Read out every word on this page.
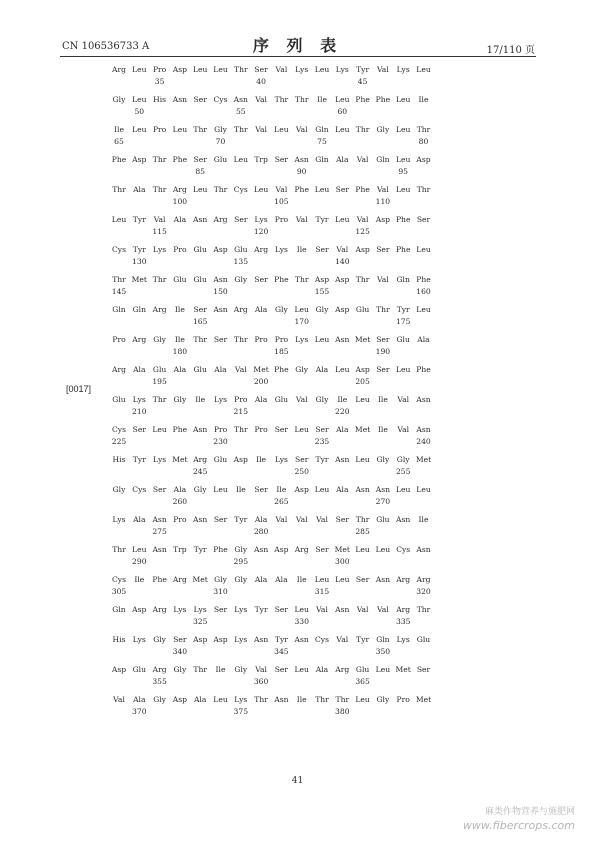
CN 106536733 A	序 列 表	17/110 页
[0017]
Arg Leu Pro Asp Leu Leu Thr Ser	Val	Lys Leu Lys Tyr	Val	Lys Leu
35	40	45
Gly Leu His Asn Ser Cys Asn Val	Thr Thr	Ile	Leu Phe Phe Leu	Ile
50	55	60
Ile	Leu Pro Leu Thr Gly Thr	Val Leu Val	Gln Leu Thr Gly Leu Thr
65	70	75	80
Phe Asp Thr Phe Ser Glu Leu Trp Ser Asn Gln Ala	Val	Gln Leu Asp
85	90	95
Thr Ala Thr Arg Leu Thr Cys Leu Val Phe Leu Ser Phe Val Leu Thr
100	105	110
Leu Tyr	Val	Ala Asn Arg Ser Lys Pro	Val	Tyr Leu Val Asp Phe Ser
115	120	125
Cys Tyr Lys Pro Glu Asp Glu Arg Lys	Ile	Ser	Val Asp Ser Phe Leu
130	135	140
Thr Met Thr Glu Glu Asn Gly Ser Phe Thr Asp Asp Thr	Val	Gln Phe
145	150	155	160
Gln Gln Arg	Ile	Ser Asn Arg Ala	Gly Leu Gly Asp Glu Thr Tyr Leu
165	170	175
Pro Arg Gly	Ile	Thr Ser Thr Pro Pro Lys Leu Asn Met Ser Glu Ala
180	185	190
Arg Ala Glu Ala Glu Ala	Val Met Phe Gly	Ala Leu Asp Ser Leu Phe
195	200	205
Glu Lys Thr Gly	Ile	Lys Pro Ala Glu	Val	Gly	Ile	Leu	Ile	Val Asn
210	215	220
Cys Ser Leu Phe Asn Pro Thr Pro Ser Leu Ser Ala Met	Ile	Val Asn
225	230	235	240
His Tyr Lys Met Arg Glu Asp	Ile	Lys Ser Tyr Asn Leu Gly Gly Met
245	250	255
Gly Cys Ser Ala	Gly Leu	Ile	Ser	Ile	Asp Leu Ala Asn Asn Leu Leu
260	265	270
Lys Ala Asn Pro Asn Ser Tyr Ala	Val	Val	Val	Ser Thr Glu Asn	Ile
275	280	285
Thr Leu Asn Trp Tyr Phe Gly Asn Asp Arg Ser Met Leu Leu Cys Asn
290	295	300
Cys	Ile	Phe Arg Met Gly Gly	Ala	Ala	Ile	Leu Leu Ser Asn Arg Arg
305	310	315	320
Gln Asp Arg Lys Lys Ser Lys Tyr Ser Leu Val Asn Val	Val Arg Thr
325	330	335
His Lys Gly Ser Asp Asp Lys Asn Tyr Asn Cys Val	Tyr Gln Lys Glu
340	345	350
Asp Glu Arg Gly Thr	Ile	Gly	Val	Ser Leu Ala Arg Glu Leu Met Ser
355	360	365
Val	Ala	Gly Asp Ala Leu Lys Thr Asn	Ile	Thr Thr Leu Gly Pro Met
370	375	380
41
麻类作物营养与施肥网
www.fibercrops.com
